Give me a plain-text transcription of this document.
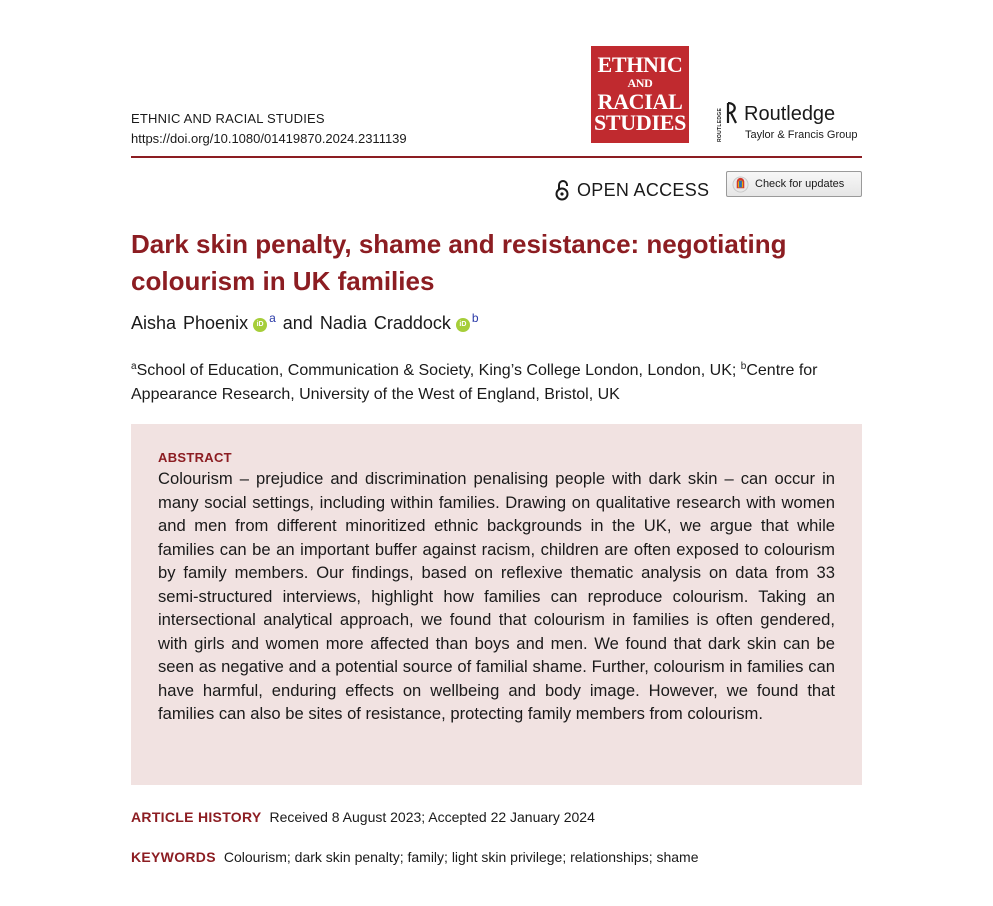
ETHNIC AND RACIAL STUDIES
https://doi.org/10.1080/01419870.2024.2311139
ETHNIC
AND
RACIAL
STUDIES	ROUTLEDGE Routledge
Taylor & Francis Group
OPEN ACCESS	Check for updates
Dark skin penalty, shame and resistance: negotiating colourism in UK families
Aisha Phoenix iD $^a$ and Nadia Craddock iD $^b$
$^a$School of Education, Communication & Society, King’s College London, London, UK; $^b$Centre for Appearance Research, University of the West of England, Bristol, UK
ABSTRACT

Colourism – prejudice and discrimination penalising people with dark skin – can occur in many social settings, including within families. Drawing on qualitative research with women and men from different minoritized ethnic backgrounds in the UK, we argue that while families can be an important buffer against racism, children are often exposed to colourism by family members. Our findings, based on reflexive thematic analysis on data from 33 semi-structured interviews, highlight how families can reproduce colourism. Taking an intersectional analytical approach, we found that colourism in families is often gendered, with girls and women more affected than boys and men. We found that dark skin can be seen as negative and a potential source of familial shame. Further, colourism in families can have harmful, enduring effects on wellbeing and body image. However, we found that families can also be sites of resistance, protecting family members from colourism.

ARTICLE HISTORY Received 8 August 2023; Accepted 22 January 2024
KEYWORDS Colourism; dark skin penalty; family; light skin privilege; relationships; shame
